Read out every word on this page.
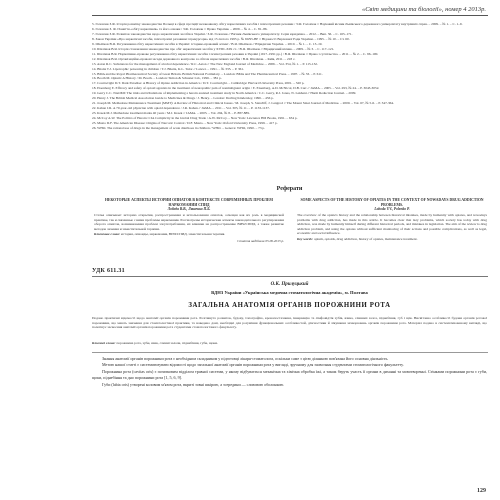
«Світ медицини та біології», номер 4 2013р.
5. Головчак З.Ф. Історія розвитку законодавства Польщі в сфері протидії незаконному обігу наркотичних засобів і психотропних речовин / З.Ф. Головчак // Науковий вісник Львівського державного університету внутрішніх справ. – 2009. – № 1. – С. 1–9.
6. Головчак З. Ф. Поняття «обігу наркотиків» та його ознаки / З.Ф. Головчак // Право України. – 2009. – № 4. – С. 81–86.
7. Головчак З.Ф. Розвиток законодавства щодо наркотичних засобів в Україні / З.Ф. Головчак // Вісник Львівського університету. Серія юридична. – 2012. – Вип. 56. – С. 165–171.
8. Закон України «Про наркотичні засоби, психотропні речовини і прекурсори» від 15 лютого 1995 р. № 60/95-ВР // Відомості Верховної Ради України. – 1995. – № 10. – Ст. 60.
9. Шалімов В.Я. Регулювання обігу наркотичних засобів в Україні: історико-правовий аспект / В.Я. Шалімов // Юридична Україна. – 2010. – № 1. – С. 13–19.
10. Шалімов В.Я. Історія становлення законодавства про обіг наркотичних засобів у XVIII–XIX ст. / В.Я. Шалімов // Юридичний вісник. – 2009. – № 3. – С. 117–121.
11. Шалімов В.Я. Нормативно-правове регулювання обігу наркотичних засобів і психотропних речовин в Україні (1917–1991 рр.) / В.Я. Шалімов // Право і суспільство. – 2011. – № 2. – С. 96–100.
12. Шалімов В.Я. Організаційно-правові засади державного контролю за обігом наркотичних засобів / В.Я. Шалімов. – Київ, 2011. – 218 с.
13. Aston R.C. Substances for the management of alcohol dependence / R.C. Aston // The New England Journal of Medicine. – 2006. – Vol. 354, № 1. – P. 115-132.
14. Bhatia T.J. Lipotrophic poisoning in children / T.J. Bhatia, K.L. Tulor // Lancet. – 1991. – № 335. – P. 361.
15. BMA and the Royal Pharmaceutical Society of Great Britain. British National Formulary. – London: BMA and The Pharmaceutical Press. – 1997. – № 33. – P. 611.
16. Booth M. Opium: A History / M. Booth. – London: Simon & Schuster Ltd., 1996. – 381 p.
17. Courtwright D.T. Dark Paradise: A History of Opiate Addiction in America / D.T. Courtwright. – Cambridge: Harvard University Press, 2001. – 320 p.
18. Eisenberg E. Efficacy and safety of opioid agonists in the treatment of neuropathic pain of nonmalignant origin / E. Eisenberg, A.D. McNicol, D.B. Carr // JAMA. – 2005. – Vol. 293, № 24. – P. 3043-3052.
19. Gerry C.C. NAOMI: The trials and tribulations of implementing a heroin assisted treatment study in North America / C.C. Gerry, R.J. Jones, N. Lakhani // Harm Reduction Journal. – 2009.
20. Henry J. The British Medical Association Guide to Medicines & Drugs / J. Henry. – London: Dorling Kindersley, 1996. – 456 p.
21. Joseph M. Methadone Maintenance Treatment (MMT): A Review of Historical and Clinical Issues / M. Joseph, S. Stancliff, J. Langrod // The Mount Sinai Journal of Medicine. – 2000. – Vol. 67, № 5-6. – P. 347-364.
22. Kahan J.R. A 70-year-old physician with opioid dependence / J.R. Kahan // JAMA. – 2011. – Vol. 305, № 11. – P. 1133-1137.
23. Kreek M.J. Methadone treatment marks 40 years / M.J. Kreek // JAMA. – 2005. – Vol. 294, № 8. – P. 887-889.
24. McCoy A.W. The Politics of Heroin: CIA Complicity in the Global Drug Trade / A.W. McCoy. – New York: Lawrence Hill Books, 1991. – 634 p.
25. Musto D.F. The American Disease: Origins of Narcotic Control / D.F. Musto. – New York: Oxford University Press, 1999. – 417 p.
26. WHO. The rational use of drugs in the management of acute diarrhoea in children / WHO. – Geneva: WHO, 1990. – 73 p.
Реферати
НЕКОТОРЫЕ АСПЕКТЫ ИСТОРИИ ОПИАТОВ В КОНТЕКСТЕ СОВРЕМЕННЫХ ПРОБЛЕМ НАРКОМАНИИ СПИД
Лобода В.В., Ляшенко П.Б.
Статья описывает историю открытия, распространения и использования опиатов, освещая как их роль в медицинской практике, так и связанные с ними проблемы наркомании. Рассмотрены исторические аспекты законодательного регулирования оборота опиатов, возникновения проблем злоупотребления, их влияние на распространение ВИЧ/СПИД, а также развитие методов лечения и заместительной терапии.
Ключевые слова: история, опиоиды, наркомания, ВИЧ/СПИД, заместительная терапия.
Стаття надійшла 05.06.2013 р.
SOME ASPECTS OF THE HISTORY OF OPIATES IN THE CONTEXT OF NOWADAYS DRUG ADDICTION PROBLEMS.
Loboda V.V., Polenko P.
The overview of the opiate's history and the relationship between historical mistakes, made by humanity with opiates, and nowadays problems with drug addiction, has made in this article. It becomes clear that lazy problems, which society has today with drug addiction, was made by humanity himself during different historical periods, and mistakes in legislation. The aim of the review is drug addiction problem, and using the opiates without sufficient monitoring of their actions and possible complications, as well as legal, economic and social influence.
Key words: opium, opioids, drug addiction, history of opiates, maintenance treatment.
УДК 611.31
О.К. Прилуцький
ВДНЗ України «Українська медична стоматологічна академія», м. Полтава
ЗАГАЛЬНА АНАТОМІЯ ОРГАНІВ ПОРОЖНИНИ РОТА

Подано практичні відомості щодо анатомії органів порожнини рота. Розглянуто розвиток, будову, топографію, кровопостачання, іннервацію та лімфовідтік зубів, язика, слинних залоз, піднебіння, губ і щік. Висвітлено особливості будови органів ротової порожнини, що мають значення для стоматологічної практики, та наведено дані, необхідні для розуміння функціональних особливостей, діагностики й лікування захворювань органів порожнини рота. Матеріал подано в систематизованому вигляді, що полегшує засвоєння анатомії органів порожнини рота студентами стоматологічного факультету.

Ключові слова: порожнина рота, зуби, язик, слинні залози, піднебіння, губи, щоки.

Знання анатомії органів порожнини рота є необхідним складником у підготовці лікаря-стоматолога, оскільки саме з цією ділянкою пов'язана його основна діяльність.

Метою нашої статті є систематизувати відомості щодо загальної анатомії органів порожнини рота у вигляді, зручному для засвоєння студентами стоматологічного факультету.

Порожнина рота (cavitas oris) є початковим відділом травної системи, у якому відбувається механічна та хімічна обробка їжі, а також беруть участь її органи в диханні та мовотворенні. Стінками порожнини рота є губи, щоки, піднебіння та дно порожнини рота [1, 5, 6, 9].

Губи (labia oris) утворені коловим м'язом рота, вкриті зовні шкірою, а зсередини — слизовою оболонкою.

129
